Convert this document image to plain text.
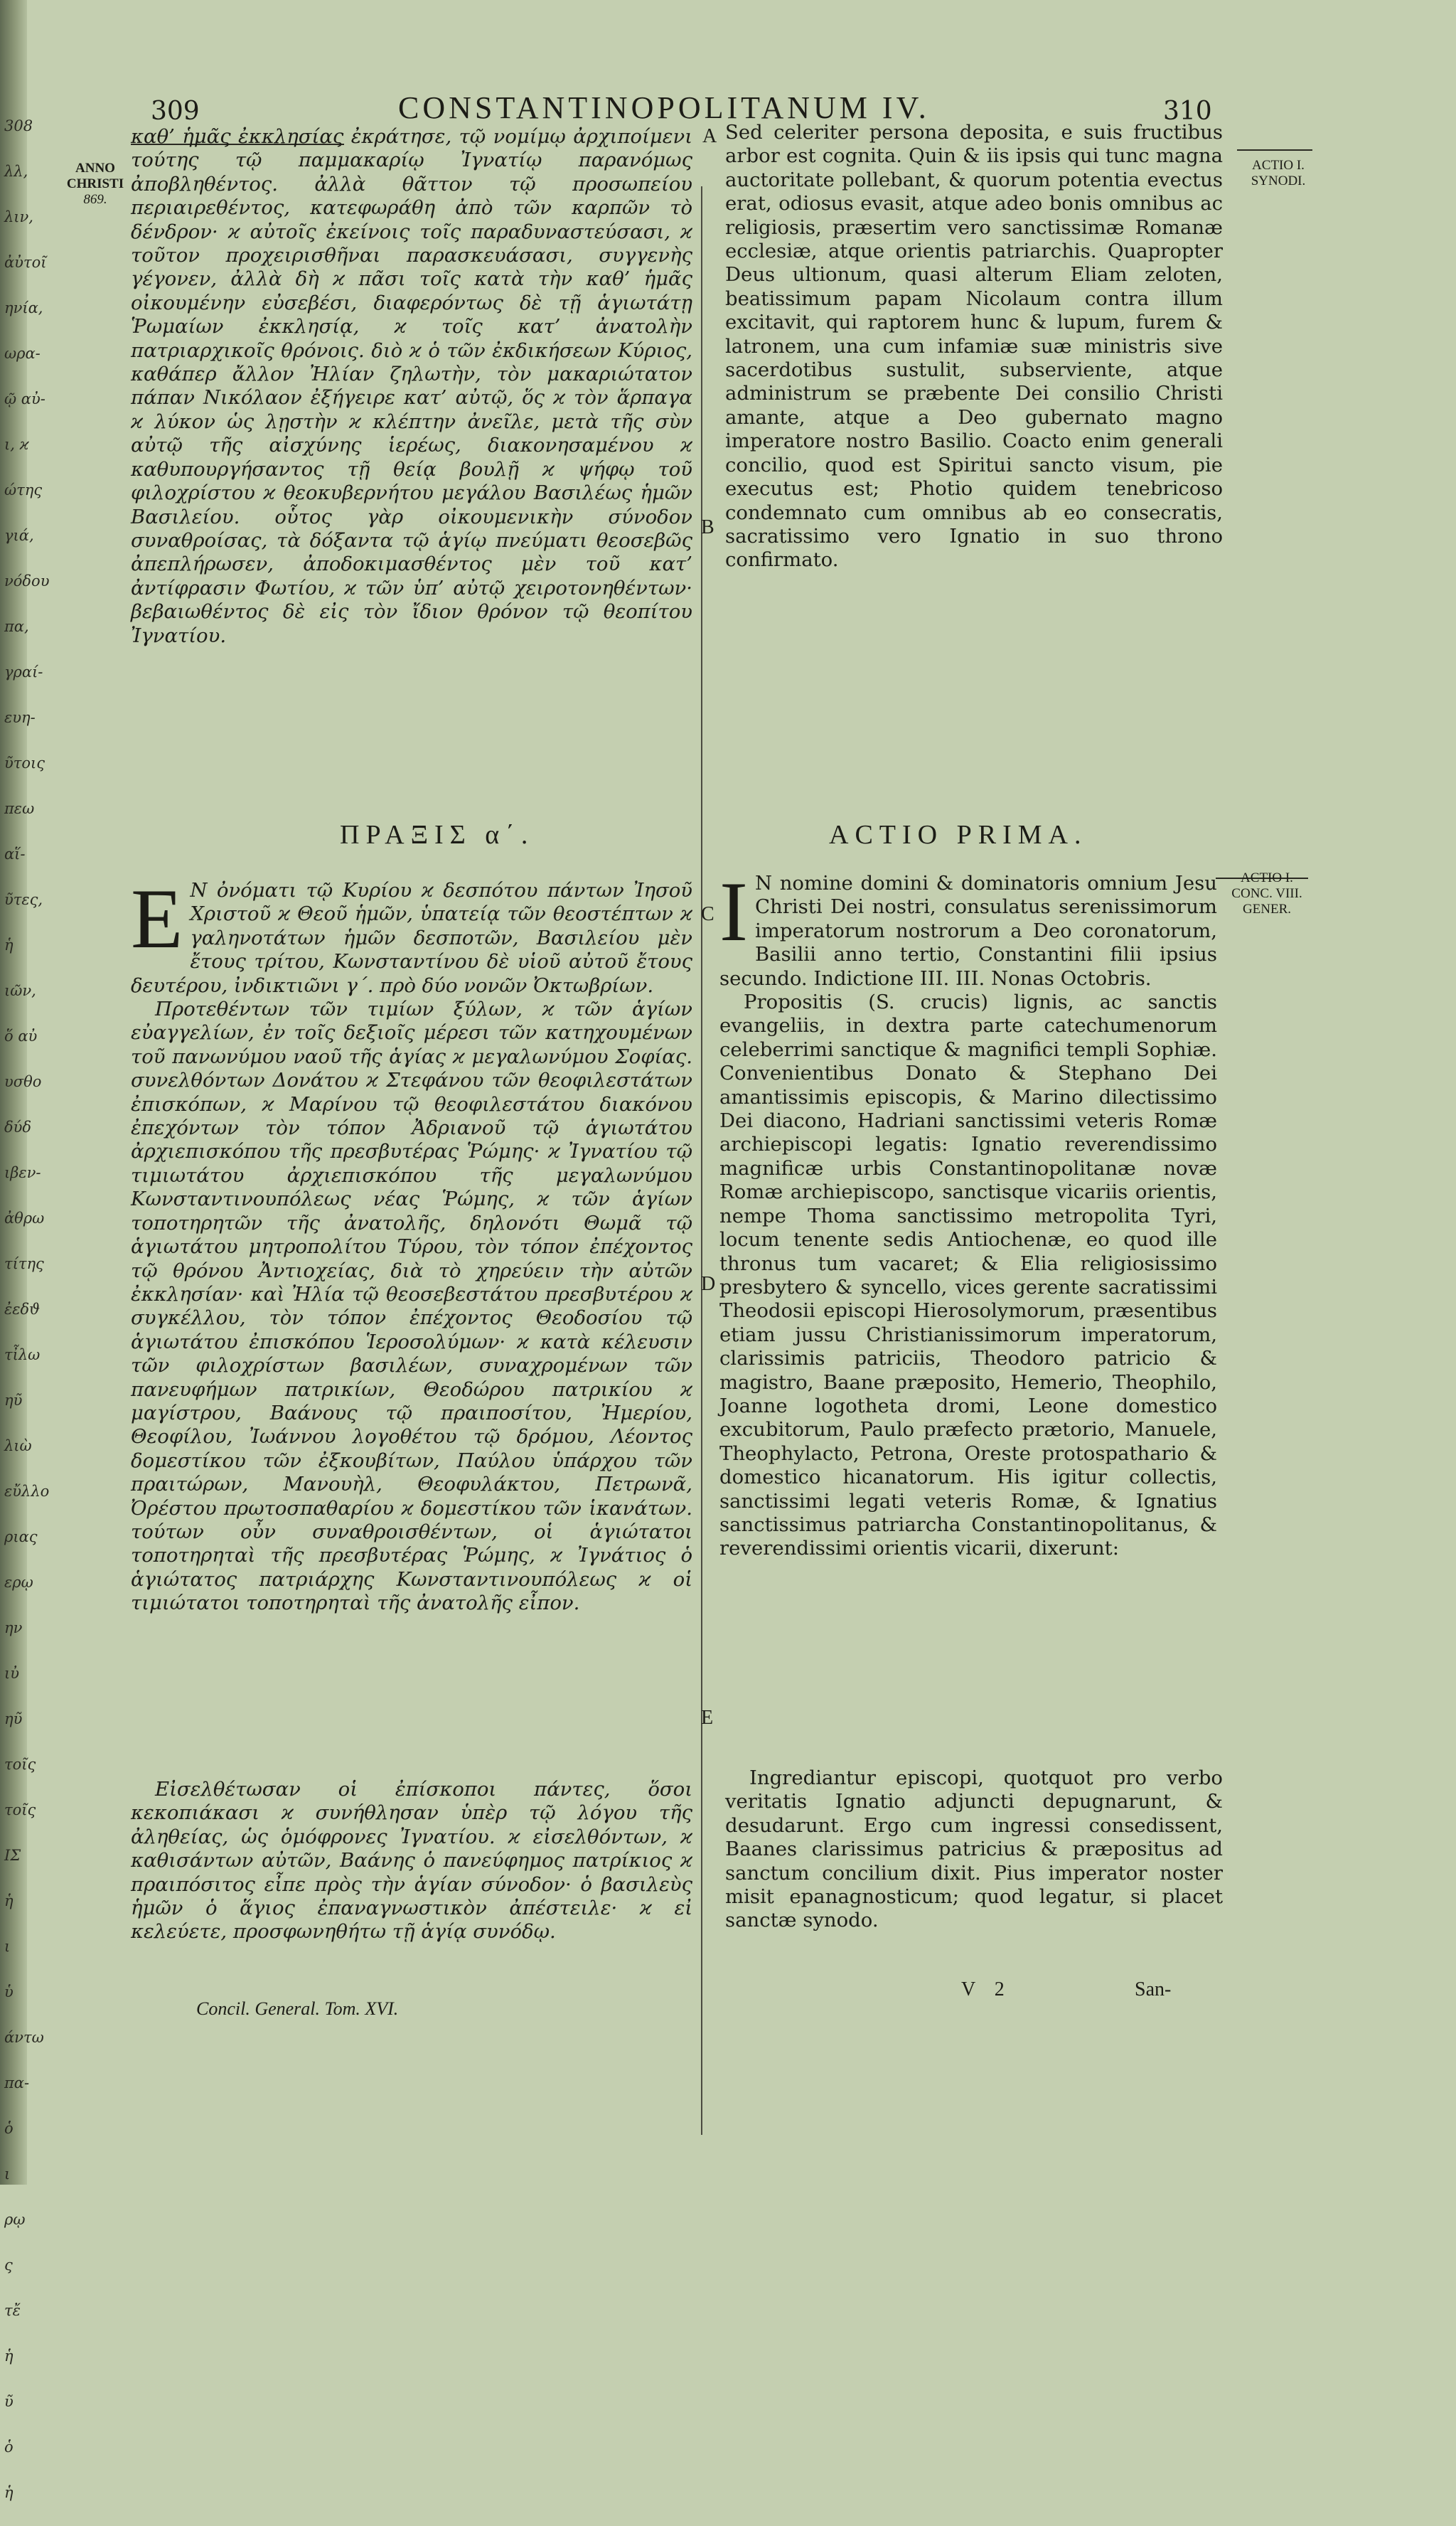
308
λλ,
λιν,
ἀὐτοῖ
ηνία,
ωρα-
ῷ αὐ-
ι, ϰ
ώτης
γιά,
νόδου
πα,
γραί-
ευη-
ῦτοις
πεω
αἵ-
ῦτες,
ἡ
ιῶν,
ὅ αὐ
υσθο
δύδ
ιβεν-
ἀθρω
τίτης
ἐεδϑ
τἶλω
ηῦ
λιὼ
εὔλλο
ριας
ερῳ
ην
ιὐ
ηῦ
τοῖς
τοῖς
ΙΣ
ἡ
ι
ὑ
άντω
πα-
ὁ
ι
ρῳ
ς
τἔ
ἡ
ῦ
ὁ
ἡ
309	CONSTANTINOPOLITANUM IV.	310
ANNO
CHRISTI
869.
ACTIO I.
SYNODI.
ACTIO I.
CONC. VIII.
GENER.
A
B
C
D
E

καθ’ ἡμᾶς ἐκκλησίας ἐκράτησε, τῷ νομίμῳ ἀρχιποίμενι τούτης τῷ παμμακαρίῳ Ἰγνατίῳ παρανόμως ἀποβληθέντος. ἀλλὰ θᾶττον τῷ προσωπείου περιαιρεθέντος, κατεφωράθη ἀπὸ τῶν καρπῶν τὸ δένδρον· ϰ αὐτοῖς ἐκείνοις τοῖς παραδυναστεύσασι, ϰ τοῦτον προχειρισθῆναι παρασκευάσασι, συγγενὴς γέγονεν, ἀλλὰ δὴ ϰ πᾶσι τοῖς κατὰ τὴν καθ’ ἡμᾶς οἰκουμένην εὐσεβέσι, διαφερόντως δὲ τῇ ἁγιωτάτῃ Ῥωμαίων ἐκκλησίᾳ, ϰ τοῖς κατ’ ἀνατολὴν πατριαρχικοῖς θρόνοις. διὸ ϰ ὁ τῶν ἐκδικήσεων Κύριος, καθάπερ ἄλλον Ἠλίαν ζηλωτὴν, τὸν μακαριώτατον πάπαν Νικόλαον ἐξήγειρε κατ’ αὐτῷ, ὅς ϰ τὸν ἅρπαγα ϰ λύκον ὡς λῃστὴν ϰ κλέπτην ἀνεῖλε, μετὰ τῆς σὺν αὐτῷ τῆς αἰσχύνης ἱερέως, διακονησαμένου ϰ καθυπουργήσαντος τῇ θείᾳ βουλῇ ϰ ψήφῳ τοῦ φιλοχρίστου ϰ θεοκυβερνήτου μεγάλου Βασιλέως ἡμῶν Βασιλείου. οὗτος γὰρ οἰκουμενικὴν σύνοδον συναθροίσας, τὰ δόξαντα τῷ ἁγίῳ πνεύματι θεοσεβῶς ἀπεπλήρωσεν, ἀποδοκιμασθέντος μὲν τοῦ κατ’ ἀντίφρασιν Φωτίου, ϰ τῶν ὑπ’ αὐτῷ χειροτονηθέντων· βεβαιωθέντος δὲ εἰς τὸν ἴδιον θρόνον τῷ θεοπίτου Ἰγνατίου.

Sed celeriter persona deposita, e suis fructibus arbor est cognita. Quin & iis ipsis qui tunc magna auctoritate pollebant, & quorum potentia evectus erat, odiosus evasit, atque adeo bonis omnibus ac religiosis, præsertim vero sanctissimæ Romanæ ecclesiæ, atque orientis patriarchis. Quapropter Deus ultionum, quasi alterum Eliam zeloten, beatissimum papam Nicolaum contra illum excitavit, qui raptorem hunc & lupum, furem & latronem, una cum infamiæ suæ ministris sive sacerdotibus sustulit, subserviente, atque administrum se præbente Dei consilio Christi amante, atque a Deo gubernato magno imperatore nostro Basilio. Coacto enim generali concilio, quod est Spiritui sancto visum, pie executus est; Photio quidem tenebricoso condemnato cum omnibus ab eo consecratis, sacratissimo vero Ignatio in suo throno confirmato.

ΠΡΑΞΙΣ α΄.	ACTIO PRIMA.

Ε Ν ὀνόματι τῷ Κυρίου ϰ δεσπότου πάντων Ἰησοῦ Χριστοῦ ϰ Θεοῦ ἡμῶν, ὑπατείᾳ τῶν θεοστέπτων ϰ γαληνοτάτων ἡμῶν δεσποτῶν, Βασιλείου μὲν ἔτους τρίτου, Κωνσταντίνου δὲ υἱοῦ αὐτοῦ ἔτους δευτέρου, ἰνδικτιῶνι γ΄. πρὸ δύο νονῶν Ὀκτωβρίων.

Προτεθέντων τῶν τιμίων ξύλων, ϰ τῶν ἁγίων εὐαγγελίων, ἐν τοῖς δεξιοῖς μέρεσι τῶν κατηχουμένων τοῦ πανωνύμου ναοῦ τῆς ἁγίας ϰ μεγαλωνύμου Σοφίας. συνελθόντων Δονάτου ϰ Στεφάνου τῶν θεοφιλεστάτων ἐπισκόπων, ϰ Μαρίνου τῷ θεοφιλεστάτου διακόνου ἐπεχόντων τὸν τόπον Ἀδριανοῦ τῷ ἁγιωτάτου ἀρχιεπισκόπου τῆς πρεσβυτέρας Ῥώμης· ϰ Ἰγνατίου τῷ τιμιωτάτου ἀρχιεπισκόπου τῆς μεγαλωνύμου Κωνσταντινουπόλεως νέας Ῥώμης, ϰ τῶν ἁγίων τοποτηρητῶν τῆς ἀνατολῆς, δηλονότι Θωμᾶ τῷ ἁγιωτάτου μητροπολίτου Τύρου, τὸν τόπον ἐπέχοντος τῷ θρόνου Ἀντιοχείας, διὰ τὸ χηρεύειν τὴν αὐτῶν ἐκκλησίαν· καὶ Ἠλία τῷ θεοσεβεστάτου πρεσβυτέρου ϰ συγκέλλου, τὸν τόπον ἐπέχοντος Θεοδοσίου τῷ ἁγιωτάτου ἐπισκόπου Ἱεροσολύμων· ϰ κατὰ κέλευσιν τῶν φιλοχρίστων βασιλέων, συναχρομένων τῶν πανευφήμων πατρικίων, Θεοδώρου πατρικίου ϰ μαγίστρου, Βαάνους τῷ πραιποσίτου, Ἠμερίου, Θεοφίλου, Ἰωάννου λογοθέτου τῷ δρόμου, Λέοντος δομεστίκου τῶν ἐξκουβίτων, Παύλου ὑπάρχου τῶν πραιτώρων, Μανουὴλ, Θεοφυλάκτου, Πετρωνᾶ, Ὀρέστου πρωτοσπαθαρίου ϰ δομεστίκου τῶν ἱκανάτων. τούτων οὖν συναθροισθέντων, οἱ ἁγιώτατοι τοποτηρηταὶ τῆς πρεσβυτέρας Ῥώμης, ϰ Ἰγνάτιος ὁ ἁγιώτατος πατριάρχης Κωνσταντινουπόλεως ϰ οἱ τιμιώτατοι τοποτηρηταὶ τῆς ἀνατολῆς εἶπον.

I N nomine domini & dominatoris omnium Jesu Christi Dei nostri, consulatus serenissimorum imperatorum nostrorum a Deo coronatorum, Basilii anno tertio, Constantini filii ipsius secundo. Indictione III. III. Nonas Octobris.

Propositis (S. crucis) lignis, ac sanctis evangeliis, in dextra parte catechumenorum celeberrimi sanctique & magnifici templi Sophiæ. Convenientibus Donato & Stephano Dei amantissimis episcopis, & Marino dilectissimo Dei diacono, Hadriani sanctissimi veteris Romæ archiepiscopi legatis: Ignatio reverendissimo magnificæ urbis Constantinopolitanæ novæ Romæ archiepiscopo, sanctisque vicariis orientis, nempe Thoma sanctissimo metropolita Tyri, locum tenente sedis Antiochenæ, eo quod ille thronus tum vacaret; & Elia religiosissimo presbytero & syncello, vices gerente sacratissimi Theodosii episcopi Hierosolymorum, præsentibus etiam jussu Christianissimorum imperatorum, clarissimis patriciis, Theodoro patricio & magistro, Baane præposito, Hemerio, Theophilo, Joanne logotheta dromi, Leone domestico excubitorum, Paulo præfecto prætorio, Manuele, Theophylacto, Petrona, Oreste protospathario & domestico hicanatorum. His igitur collectis, sanctissimi legati veteris Romæ, & Ignatius sanctissimus patriarcha Constantinopolitanus, & reverendissimi orientis vicarii, dixerunt:

Εἰσελθέτωσαν οἱ ἐπίσκοποι πάντες, ὅσοι κεκοπιάκασι ϰ συνήθλησαν ὑπὲρ τῷ λόγου τῆς ἀληθείας, ὡς ὁμόφρονες Ἰγνατίου. ϰ εἰσελθόντων, ϰ καθισάντων αὐτῶν, Βαάνης ὁ πανεύφημος πατρίκιος ϰ πραιπόσιτος εἶπε πρὸς τὴν ἁγίαν σύνοδον· ὁ βασιλεὺς ἡμῶν ὁ ἅγιος ἐπαναγνωστικὸν ἀπέστειλε· ϰ εἰ κελεύετε, προσφωνηθήτω τῇ ἁγίᾳ συνόδῳ.

Ingrediantur episcopi, quotquot pro verbo veritatis Ignatio adjuncti depugnarunt, & desudarunt. Ergo cum ingressi consedissent, Baanes clarissimus patricius & præpositus ad sanctum concilium dixit. Pius imperator noster misit epanagnosticum; quod legatur, si placet sanctæ synodo.

Concil. General. Tom. XVI.
V 2	San-
